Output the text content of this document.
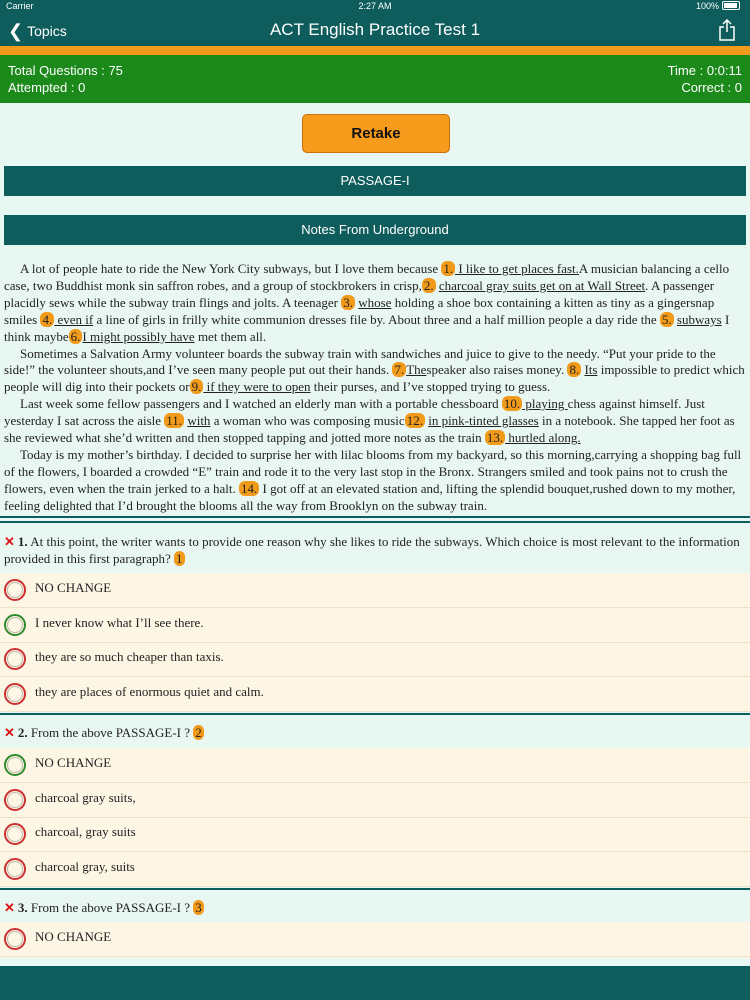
Carrier	2:27 AM	100%
❮ Topics	ACT English Practice Test 1
Total Questions : 75
Attempted : 0
Time : 0:0:11
Correct : 0
Retake
PASSAGE-I
Notes From Underground

A lot of people hate to ride the New York City subways, but I love them because 1. I like to get places fast.A musician balancing a cello case, two Buddhist monk sin saffron robes, and a group of stockbrokers in crisp, 2. charcoal gray suits get on at Wall Street. A passenger placidly sews while the subway train flings and jolts. A teenager 3. whose holding a shoe box containing a kitten as tiny as a gingersnap smiles 4. even if a line of girls in frilly white communion dresses file by. About three and a half million people a day ride the 5. subways I think maybe 6. I might possibly have met them all.

Sometimes a Salvation Army volunteer boards the subway train with sandwiches and juice to give to the needy. “Put your pride to the side!” the volunteer shouts,and I’ve seen many people put out their hands. 7. Thespeaker also raises money. 8. Its impossible to predict which people will dig into their pockets or 9. if they were to open their purses, and I’ve stopped trying to guess.

Last week some fellow passengers and I watched an elderly man with a portable chessboard 10. playing chess against himself. Just yesterday I sat across the aisle 11. with a woman who was composing music 12. in pink-tinted glasses in a notebook. She tapped her foot as she reviewed what she’d written and then stopped tapping and jotted more notes as the train 13. hurtled along.

Today is my mother’s birthday. I decided to surprise her with lilac blooms from my backyard, so this morning,carrying a shopping bag full of the flowers, I boarded a crowded “E” train and rode it to the very last stop in the Bronx. Strangers smiled and took pains not to crush the flowers, even when the train jerked to a halt. 14. I got off at an elevated station and, lifting the splendid bouquet,rushed down to my mother, feeling delighted that I’d brought the blooms all the way from Brooklyn on the subway train.

✕ 1. At this point, the writer wants to provide one reason why she likes to ride the subways. Which choice is most relevant to the information provided in this first paragraph? 1
NO CHANGE
I never know what I’ll see there.
they are so much cheaper than taxis.
they are places of enormous quiet and calm.
✕ 2. From the above PASSAGE-I ? 2
NO CHANGE
charcoal gray suits,
charcoal, gray suits
charcoal gray, suits
✕ 3. From the above PASSAGE-I ? 3
NO CHANGE
